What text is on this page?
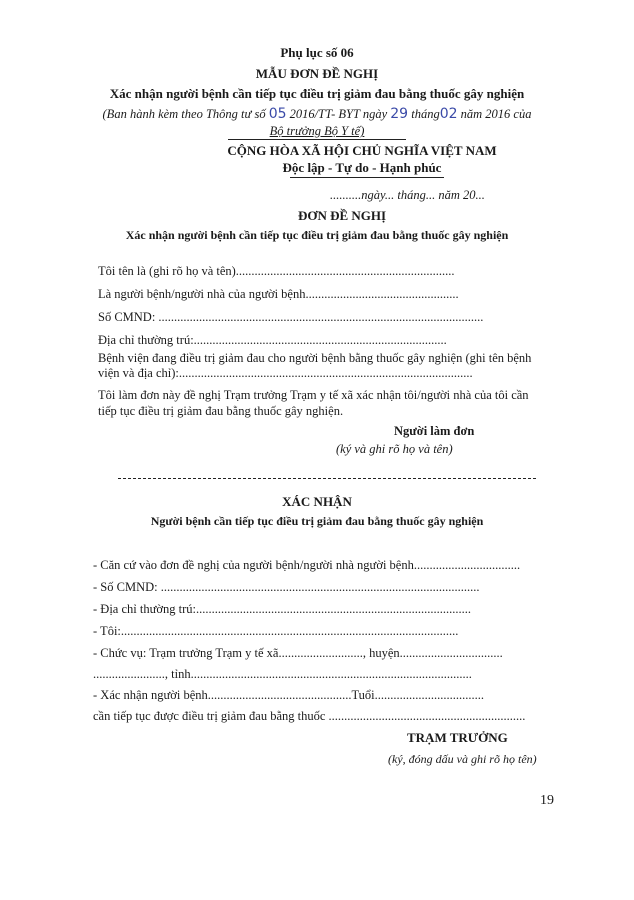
Phụ lục số 06
MẪU ĐƠN ĐỀ NGHỊ
Xác nhận người bệnh cần tiếp tục điều trị giảm đau bằng thuốc gây nghiện
(Ban hành kèm theo Thông tư số 05 2016/TT- BYT ngày 29 tháng02 năm 2016 của
Bộ trưởng Bộ Y tế)
CỘNG HÒA XÃ HỘI CHỦ NGHĨA VIỆT NAM
Độc lập - Tự do - Hạnh phúc
..........ngày... tháng... năm 20...
ĐƠN ĐỀ NGHỊ
Xác nhận người bệnh cần tiếp tục điều trị giảm đau bằng thuốc gây nghiện
Tôi tên là (ghi rõ họ và tên)......................................................................
Là người bệnh/người nhà của người bệnh.................................................
Số CMND: ........................................................................................................
Địa chỉ thường trú:.................................................................................
Bệnh viện đang điều trị giảm đau cho người bệnh bằng thuốc gây nghiện (ghi tên bệnh
viện và địa chỉ):..............................................................................................
Tôi làm đơn này đề nghị Trạm trưởng Trạm y tế xã xác nhận tôi/người nhà của tôi cần
tiếp tục điều trị giảm đau bằng thuốc gây nghiện.
Người làm đơn
(ký và ghi rõ họ và tên)
XÁC NHẬN
Người bệnh cần tiếp tục điều trị giảm đau bằng thuốc gây nghiện
- Căn cứ vào đơn đề nghị của người bệnh/người nhà người bệnh..................................
- Số CMND: ......................................................................................................
- Địa chỉ thường trú:........................................................................................
- Tôi:............................................................................................................
- Chức vụ: Trạm trưởng Trạm y tế xã..........................., huyện.................................
......................., tỉnh..........................................................................................
- Xác nhận người bệnh..............................................Tuổi...................................
cần tiếp tục được điều trị giảm đau bằng thuốc ...............................................................
TRẠM TRƯỞNG
(ký, đóng dấu và ghi rõ họ tên)
19
